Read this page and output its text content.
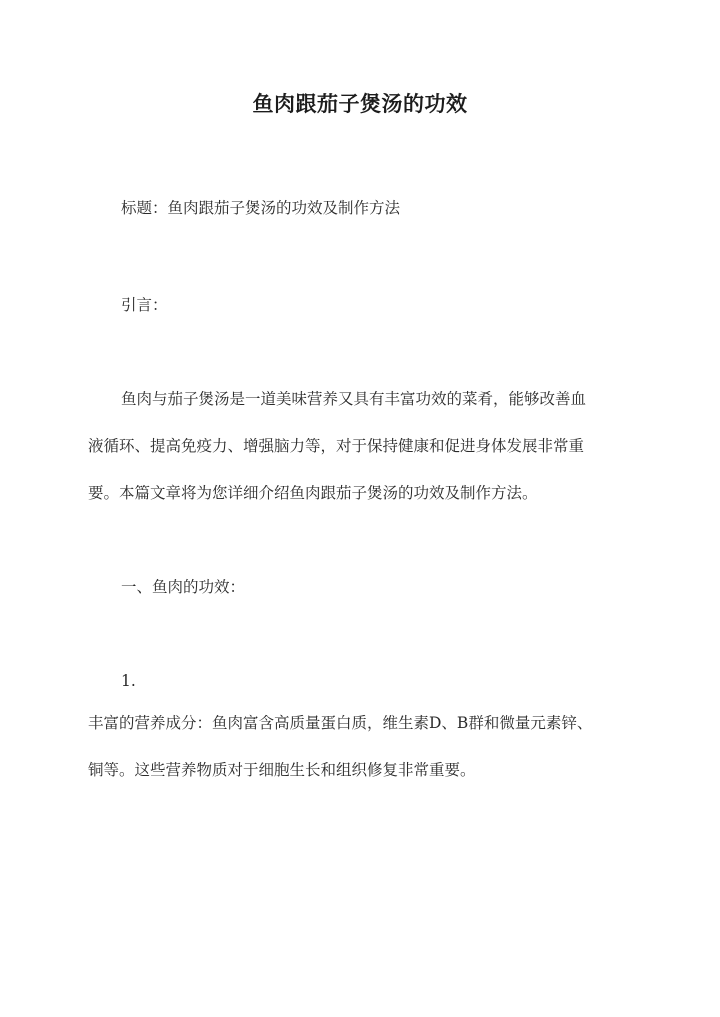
鱼肉跟茄子煲汤的功效
标题：鱼肉跟茄子煲汤的功效及制作方法
引言：
鱼肉与茄子煲汤是一道美味营养又具有丰富功效的菜肴，能够改善血
液循环、提高免疫力、增强脑力等，对于保持健康和促进身体发展非常重
要。本篇文章将为您详细介绍鱼肉跟茄子煲汤的功效及制作方法。
一、鱼肉的功效：
1.
丰富的营养成分：鱼肉富含高质量蛋白质，维生素D、B群和微量元素锌、
铜等。这些营养物质对于细胞生长和组织修复非常重要。
